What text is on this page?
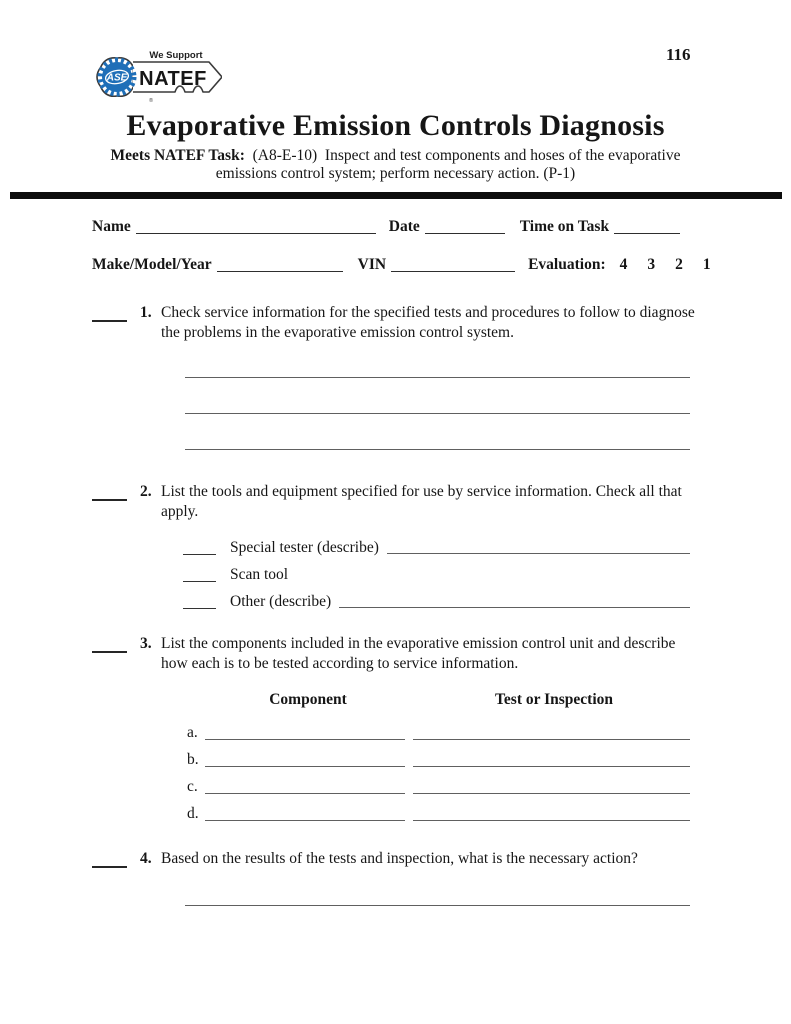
ASE
®
We Support
NATEF
116
Evaporative Emission Controls Diagnosis
Meets NATEF Task:  (A8-E-10)  Inspect and test components and hoses of the evaporative
emissions control system; perform necessary action. (P-1)
Name	Date	Time on Task
Make/Model/Year	VIN	Evaluation: 4 3 2 1
1. Check service information for the specified tests and procedures to follow to diagnose the problems in the evaporative emission control system.
2. List the tools and equipment specified for use by service information. Check all that apply.
Special tester (describe)
Scan tool
Other (describe)
3. List the components included in the evaporative emission control unit and describe how each is to be tested according to service information.
Component	Test or Inspection
a.
b.
c.
d.
4. Based on the results of the tests and inspection, what is the necessary action?
